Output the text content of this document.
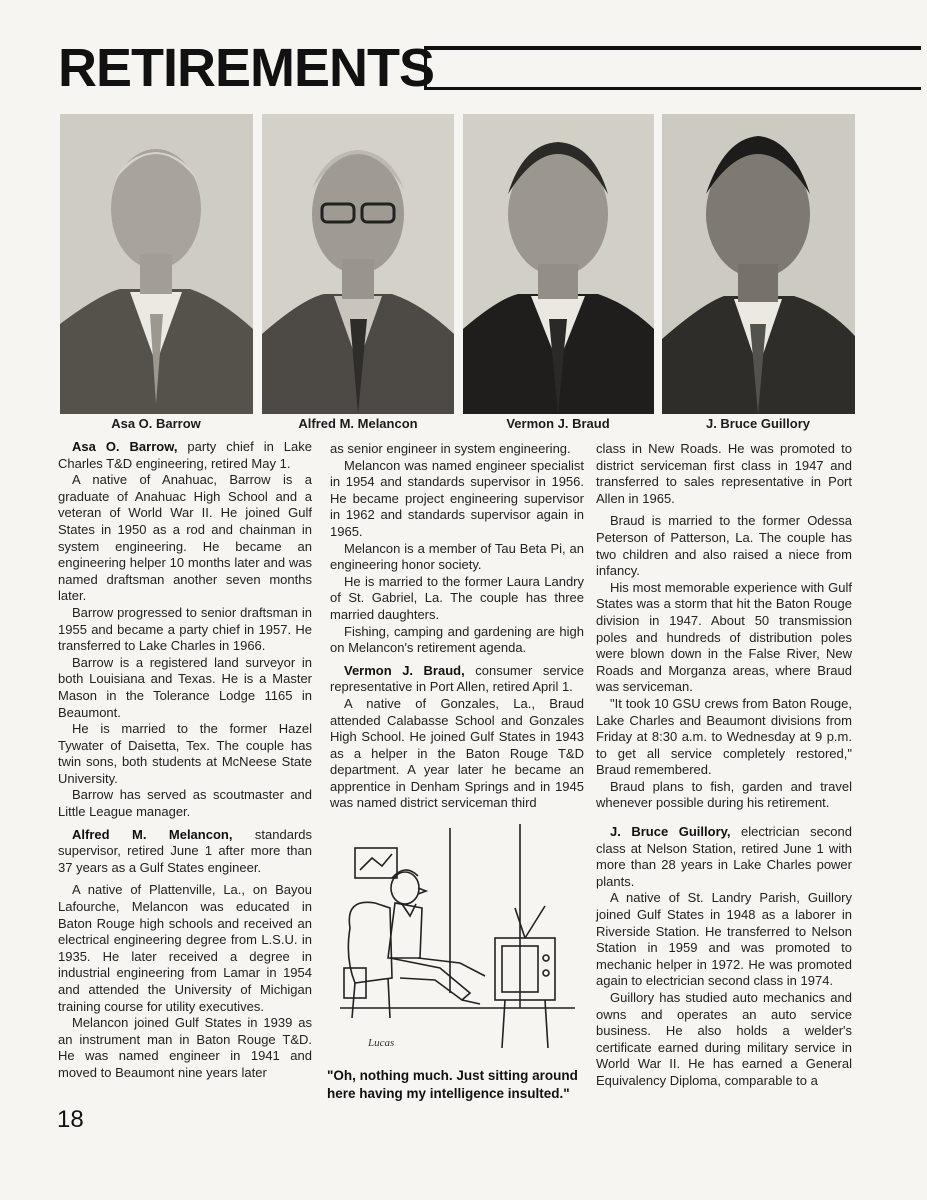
RETIREMENTS
Asa O. Barrow	Alfred M. Melancon	Vermon J. Braud	J. Bruce Guillory

Asa O. Barrow, party chief in Lake Charles T&D engineering, retired May 1.

A native of Anahuac, Barrow is a graduate of Anahuac High School and a veteran of World War II. He joined Gulf States in 1950 as a rod and chainman in system engineering. He became an engineering helper 10 months later and was named draftsman another seven months later.

Barrow progressed to senior draftsman in 1955 and became a party chief in 1957. He transferred to Lake Charles in 1966.

Barrow is a registered land surveyor in both Louisiana and Texas. He is a Master Mason in the Tolerance Lodge 1165 in Beaumont.

He is married to the former Hazel Tywater of Daisetta, Tex. The couple has twin sons, both students at McNeese State University.

Barrow has served as scoutmaster and Little League manager.

Alfred M. Melancon, standards supervisor, retired June 1 after more than 37 years as a Gulf States engineer.

A native of Plattenville, La., on Bayou Lafourche, Melancon was educated in Baton Rouge high schools and received an electrical engineering degree from L.S.U. in 1935. He later received a degree in industrial engineering from Lamar in 1954 and attended the University of Michigan training course for utility executives.

Melancon joined Gulf States in 1939 as an instrument man in Baton Rouge T&D. He was named engineer in 1941 and moved to Beaumont nine years later

as senior engineer in system engineering.

Melancon was named engineer specialist in 1954 and standards supervisor in 1956. He became project engineering supervisor in 1962 and standards supervisor again in 1965.

Melancon is a member of Tau Beta Pi, an engineering honor society.

He is married to the former Laura Landry of St. Gabriel, La. The couple has three married daughters.

Fishing, camping and gardening are high on Melancon's retirement agenda.

Vermon J. Braud, consumer service representative in Port Allen, retired April 1.

A native of Gonzales, La., Braud attended Calabasse School and Gonzales High School. He joined Gulf States in 1943 as a helper in the Baton Rouge T&D department. A year later he became an apprentice in Denham Springs and in 1945 was named district serviceman third

class in New Roads. He was promoted to district serviceman first class in 1947 and transferred to sales representative in Port Allen in 1965.

Braud is married to the former Odessa Peterson of Patterson, La. The couple has two children and also raised a niece from infancy.

His most memorable experience with Gulf States was a storm that hit the Baton Rouge division in 1947. About 50 transmission poles and hundreds of distribution poles were blown down in the False River, New Roads and Morganza areas, where Braud was serviceman.

"It took 10 GSU crews from Baton Rouge, Lake Charles and Beaumont divisions from Friday at 8:30 a.m. to Wednesday at 9 p.m. to get all service completely restored," Braud remembered.

Braud plans to fish, garden and travel whenever possible during his retirement.

J. Bruce Guillory, electrician second class at Nelson Station, retired June 1 with more than 28 years in Lake Charles power plants.

A native of St. Landry Parish, Guillory joined Gulf States in 1948 as a laborer in Riverside Station. He transferred to Nelson Station in 1959 and was promoted to mechanic helper in 1972. He was promoted again to electrician second class in 1974.

Guillory has studied auto mechanics and owns and operates an auto service business. He also holds a welder's certificate earned during military service in World War II. He has earned a General Equivalency Diploma, comparable to a

Lucas
"Oh, nothing much. Just sitting around here having my intelligence insulted."
18
